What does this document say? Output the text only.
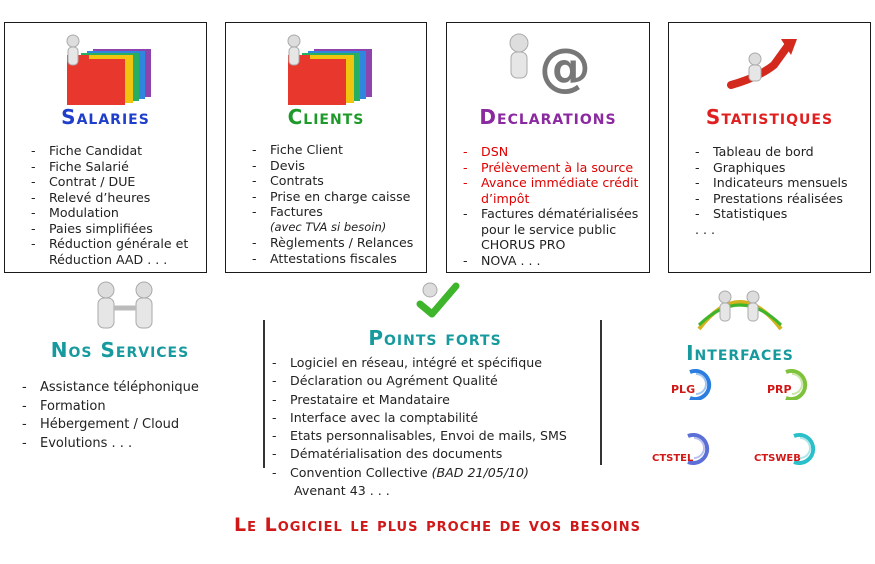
Salaries
- Fiche Candidat
- Fiche Salarié
- Contrat / DUE
- Relevé d’heures
- Modulation
- Paies simplifiées
- Réduction générale et
Réduction AAD . . .
Clients
- Fiche Client
- Devis
- Contrats
- Prise en charge caisse
- Factures
(avec TVA si besoin)
- Règlements / Relances
- Attestations fiscales
@
Declarations
- DSN
- Prélèvement à la source
- Avance immédiate crédit
d’impôt
- Factures dématérialisées
pour le service public
CHORUS PRO
- NOVA . . .
Statistiques
- Tableau de bord
- Graphiques
- Indicateurs mensuels
- Prestations réalisées
- Statistiques
. . .
Nos Services
- Assistance téléphonique
- Formation
- Hébergement / Cloud
- Evolutions . . .
Points forts
- Logiciel en réseau, intégré et spécifique
- Déclaration ou Agrément Qualité
- Prestataire et Mandataire
- Interface avec la comptabilité
- Etats personnalisables, Envoi de mails, SMS
- Dématérialisation des documents
- Convention Collective (BAD 21/05/10)
Avenant 43 . . .
Interfaces
PLG	PRP
CTSTEL	CTSWEB
Le Logiciel le plus proche de vos besoins
